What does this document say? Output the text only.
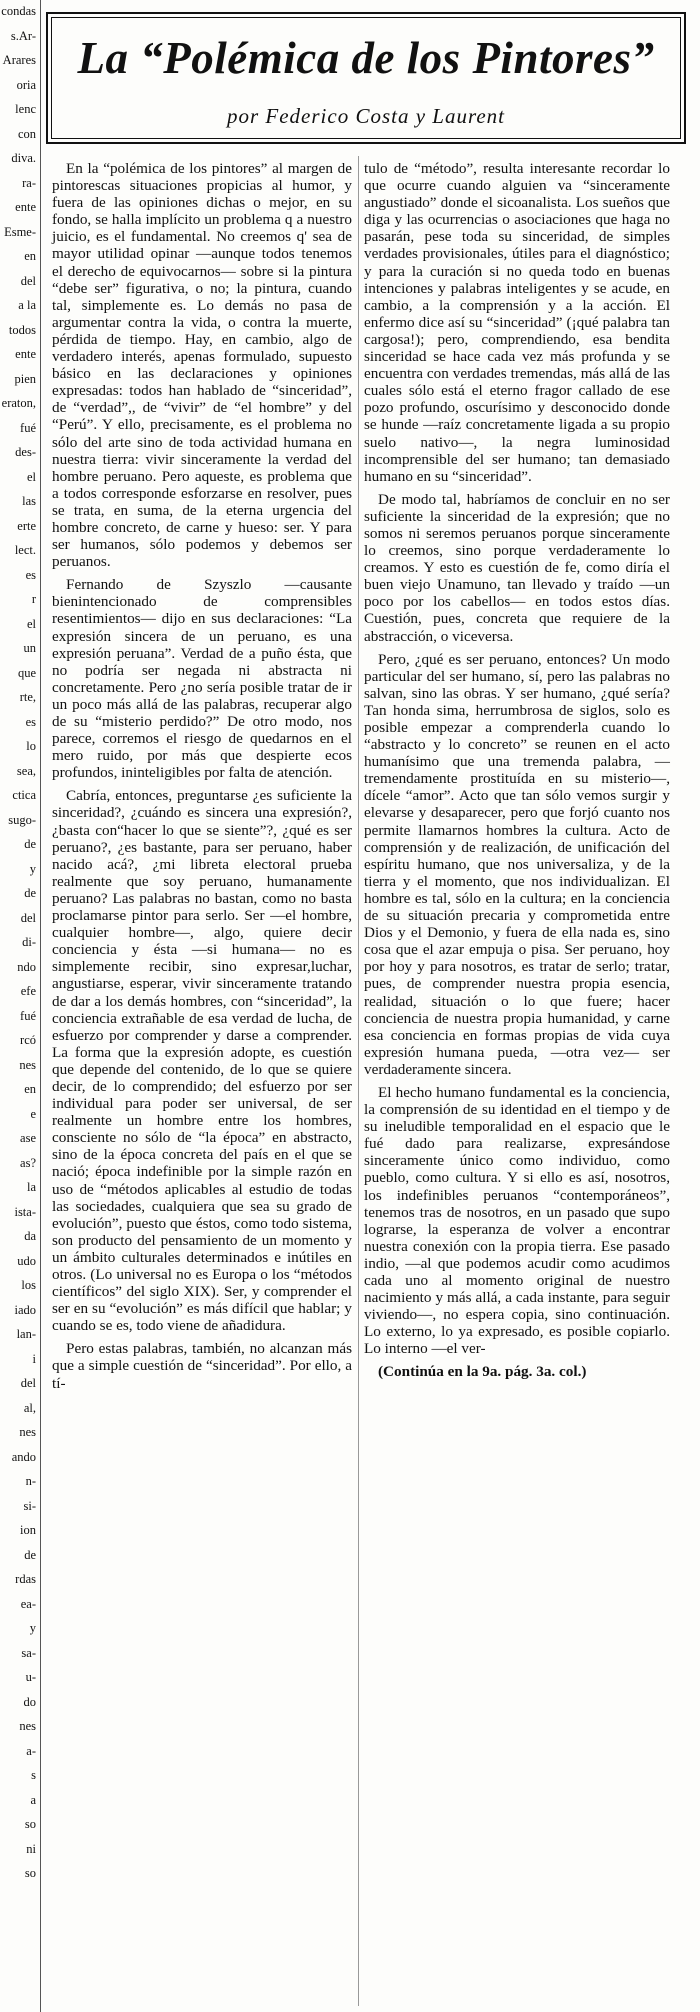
condas

s.Ar-

Arares

oria

lenc

con

diva.

ra-

ente

Esme-

en

del

a la

todos

ente

pien

eraton,

fué

des-

el

las

erte

lect.

es

r

el

un

que

rte,

es

lo

sea,

ctica

sugo-

de

y

de

del

di-

ndo

efe

fué

rcó

nes

en

e

ase

as?

la

ista-

da

udo

los

iado

lan-

i

del

al,

nes

ando

n-

si-

ion

de

rdas

ea-

y

sa-

u-

do

nes

a-

s

a

so

ni

so

La “Polémica de los Pintores”
por Federico Costa y Laurent

En la “polémica de los pintores” al margen de pintorescas situaciones propicias al humor, y fuera de las opiniones dichas o mejor, en su fondo, se halla implícito un problema q a nuestro juicio, es el fundamental. No creemos q' sea de mayor utilidad opinar —aunque todos tenemos el derecho de equivocarnos— sobre si la pintura “debe ser” figurativa, o no; la pintura, cuando tal, simplemente es. Lo demás no pasa de argumentar contra la vida, o contra la muerte, pérdida de tiempo. Hay, en cambio, algo de verdadero interés, apenas formulado, supuesto básico en las declaraciones y opiniones expresadas: todos han hablado de “sinceridad”, de “verdad”,, de “vivir” de “el hombre” y del “Perú”. Y ello, precisamente, es el problema no sólo del arte sino de toda actividad humana en nuestra tierra: vivir sinceramente la verdad del hombre peruano. Pero aqueste, es problema que a todos corresponde esforzarse en resolver, pues se trata, en suma, de la eterna urgencia del hombre concreto, de carne y hueso: ser. Y para ser humanos, sólo podemos y debemos ser peruanos.

Fernando de Szyszlo —causante bienintencionado de comprensibles resentimientos— dijo en sus declaraciones: “La expresión sincera de un peruano, es una expresión peruana”. Verdad de a puño ésta, que no podría ser negada ni abstracta ni concretamente. Pero ¿no sería posible tratar de ir un poco más allá de las palabras, recuperar algo de su “misterio perdido?” De otro modo, nos parece, corremos el riesgo de quedarnos en el mero ruido, por más que despierte ecos profundos, ininteligibles por falta de atención.

Cabría, entonces, preguntarse ¿es suficiente la sinceridad?, ¿cuándo es sincera una expresión?, ¿basta con“hacer lo que se siente”?, ¿qué es ser peruano?, ¿es bastante, para ser peruano, haber nacido acá?, ¿mi libreta electoral prueba realmente que soy peruano, humanamente peruano? Las palabras no bastan, como no basta proclamarse pintor para serlo. Ser —el hombre, cualquier hombre—, algo, quiere decir conciencia y ésta —si humana— no es simplemente recibir, sino expresar,luchar, angustiarse, esperar, vivir sinceramente tratando de dar a los demás hombres, con “sinceridad”, la conciencia extrañable de esa verdad de lucha, de esfuerzo por comprender y darse a comprender. La forma que la expresión adopte, es cuestión que depende del contenido, de lo que se quiere decir, de lo comprendido; del esfuerzo por ser individual para poder ser universal, de ser realmente un hombre entre los hombres, consciente no sólo de “la época” en abstracto, sino de la época concreta del país en el que se nació; época indefinible por la simple razón en uso de “métodos aplicables al estudio de todas las sociedades, cualquiera que sea su grado de evolución”, puesto que éstos, como todo sistema, son producto del pensamiento de un momento y un ámbito culturales determinados e inútiles en otros. (Lo universal no es Europa o los “métodos científicos” del siglo XIX). Ser, y comprender el ser en su “evolución” es más difícil que hablar; y cuando se es, todo viene de añadidura.

Pero estas palabras, también, no alcanzan más que a simple cuestión de “sinceridad”. Por ello, a tí-

tulo de “método”, resulta interesante recordar lo que ocurre cuando alguien va “sinceramente angustiado” donde el sicoanalista. Los sueños que diga y las ocurrencias o asociaciones que haga no pasarán, pese toda su sinceridad, de simples verdades provisionales, útiles para el diagnóstico; y para la curación si no queda todo en buenas intenciones y palabras inteligentes y se acude, en cambio, a la comprensión y a la acción. El enfermo dice así su “sinceridad” (¡qué palabra tan cargosa!); pero, comprendiendo, esa bendita sinceridad se hace cada vez más profunda y se encuentra con verdades tremendas, más allá de las cuales sólo está el eterno fragor callado de ese pozo profundo, oscurísimo y desconocido donde se hunde —raíz concretamente ligada a su propio suelo nativo—, la negra luminosidad incomprensible del ser humano; tan demasiado humano en su “sinceridad”.

De modo tal, habríamos de concluir en no ser suficiente la sinceridad de la expresión; que no somos ni seremos peruanos porque sinceramente lo creemos, sino porque verdaderamente lo creamos. Y esto es cuestión de fe, como diría el buen viejo Unamuno, tan llevado y traído —un poco por los cabellos— en todos estos días. Cuestión, pues, concreta que requiere de la abstracción, o viceversa.

Pero, ¿qué es ser peruano, entonces? Un modo particular del ser humano, sí, pero las palabras no salvan, sino las obras. Y ser humano, ¿qué sería? Tan honda sima, herrumbrosa de siglos, solo es posible empezar a comprenderla cuando lo “abstracto y lo concreto” se reunen en el acto humanísimo que una tremenda palabra, —tremendamente prostituída en su misterio—, dícele “amor”. Acto que tan sólo vemos surgir y elevarse y desaparecer, pero que forjó cuanto nos permite llamarnos hombres la cultura. Acto de comprensión y de realización, de unificación del espíritu humano, que nos universaliza, y de la tierra y el momento, que nos individualizan. El hombre es tal, sólo en la cultura; en la conciencia de su situación precaria y comprometida entre Dios y el Demonio, y fuera de ella nada es, sino cosa que el azar empuja o pisa. Ser peruano, hoy por hoy y para nosotros, es tratar de serlo; tratar, pues, de comprender nuestra propia esencia, realidad, situación o lo que fuere; hacer conciencia de nuestra propia humanidad, y carne esa conciencia en formas propias de vida cuya expresión humana pueda, —otra vez— ser verdaderamente sincera.

El hecho humano fundamental es la conciencia, la comprensión de su identidad en el tiempo y de su ineludible temporalidad en el espacio que le fué dado para realizarse, expresándose sinceramente único como individuo, como pueblo, como cultura. Y si ello es así, nosotros, los indefinibles peruanos “contemporáneos”, tenemos tras de nosotros, en un pasado que supo lograrse, la esperanza de volver a encontrar nuestra conexión con la propia tierra. Ese pasado indio, —al que podemos acudir como acudimos cada uno al momento original de nuestro nacimiento y más allá, a cada instante, para seguir viviendo—, no espera copia, sino continuación. Lo externo, lo ya expresado, es posible copiarlo. Lo interno —el ver-

(Continúa en la 9a. pág. 3a. col.)
